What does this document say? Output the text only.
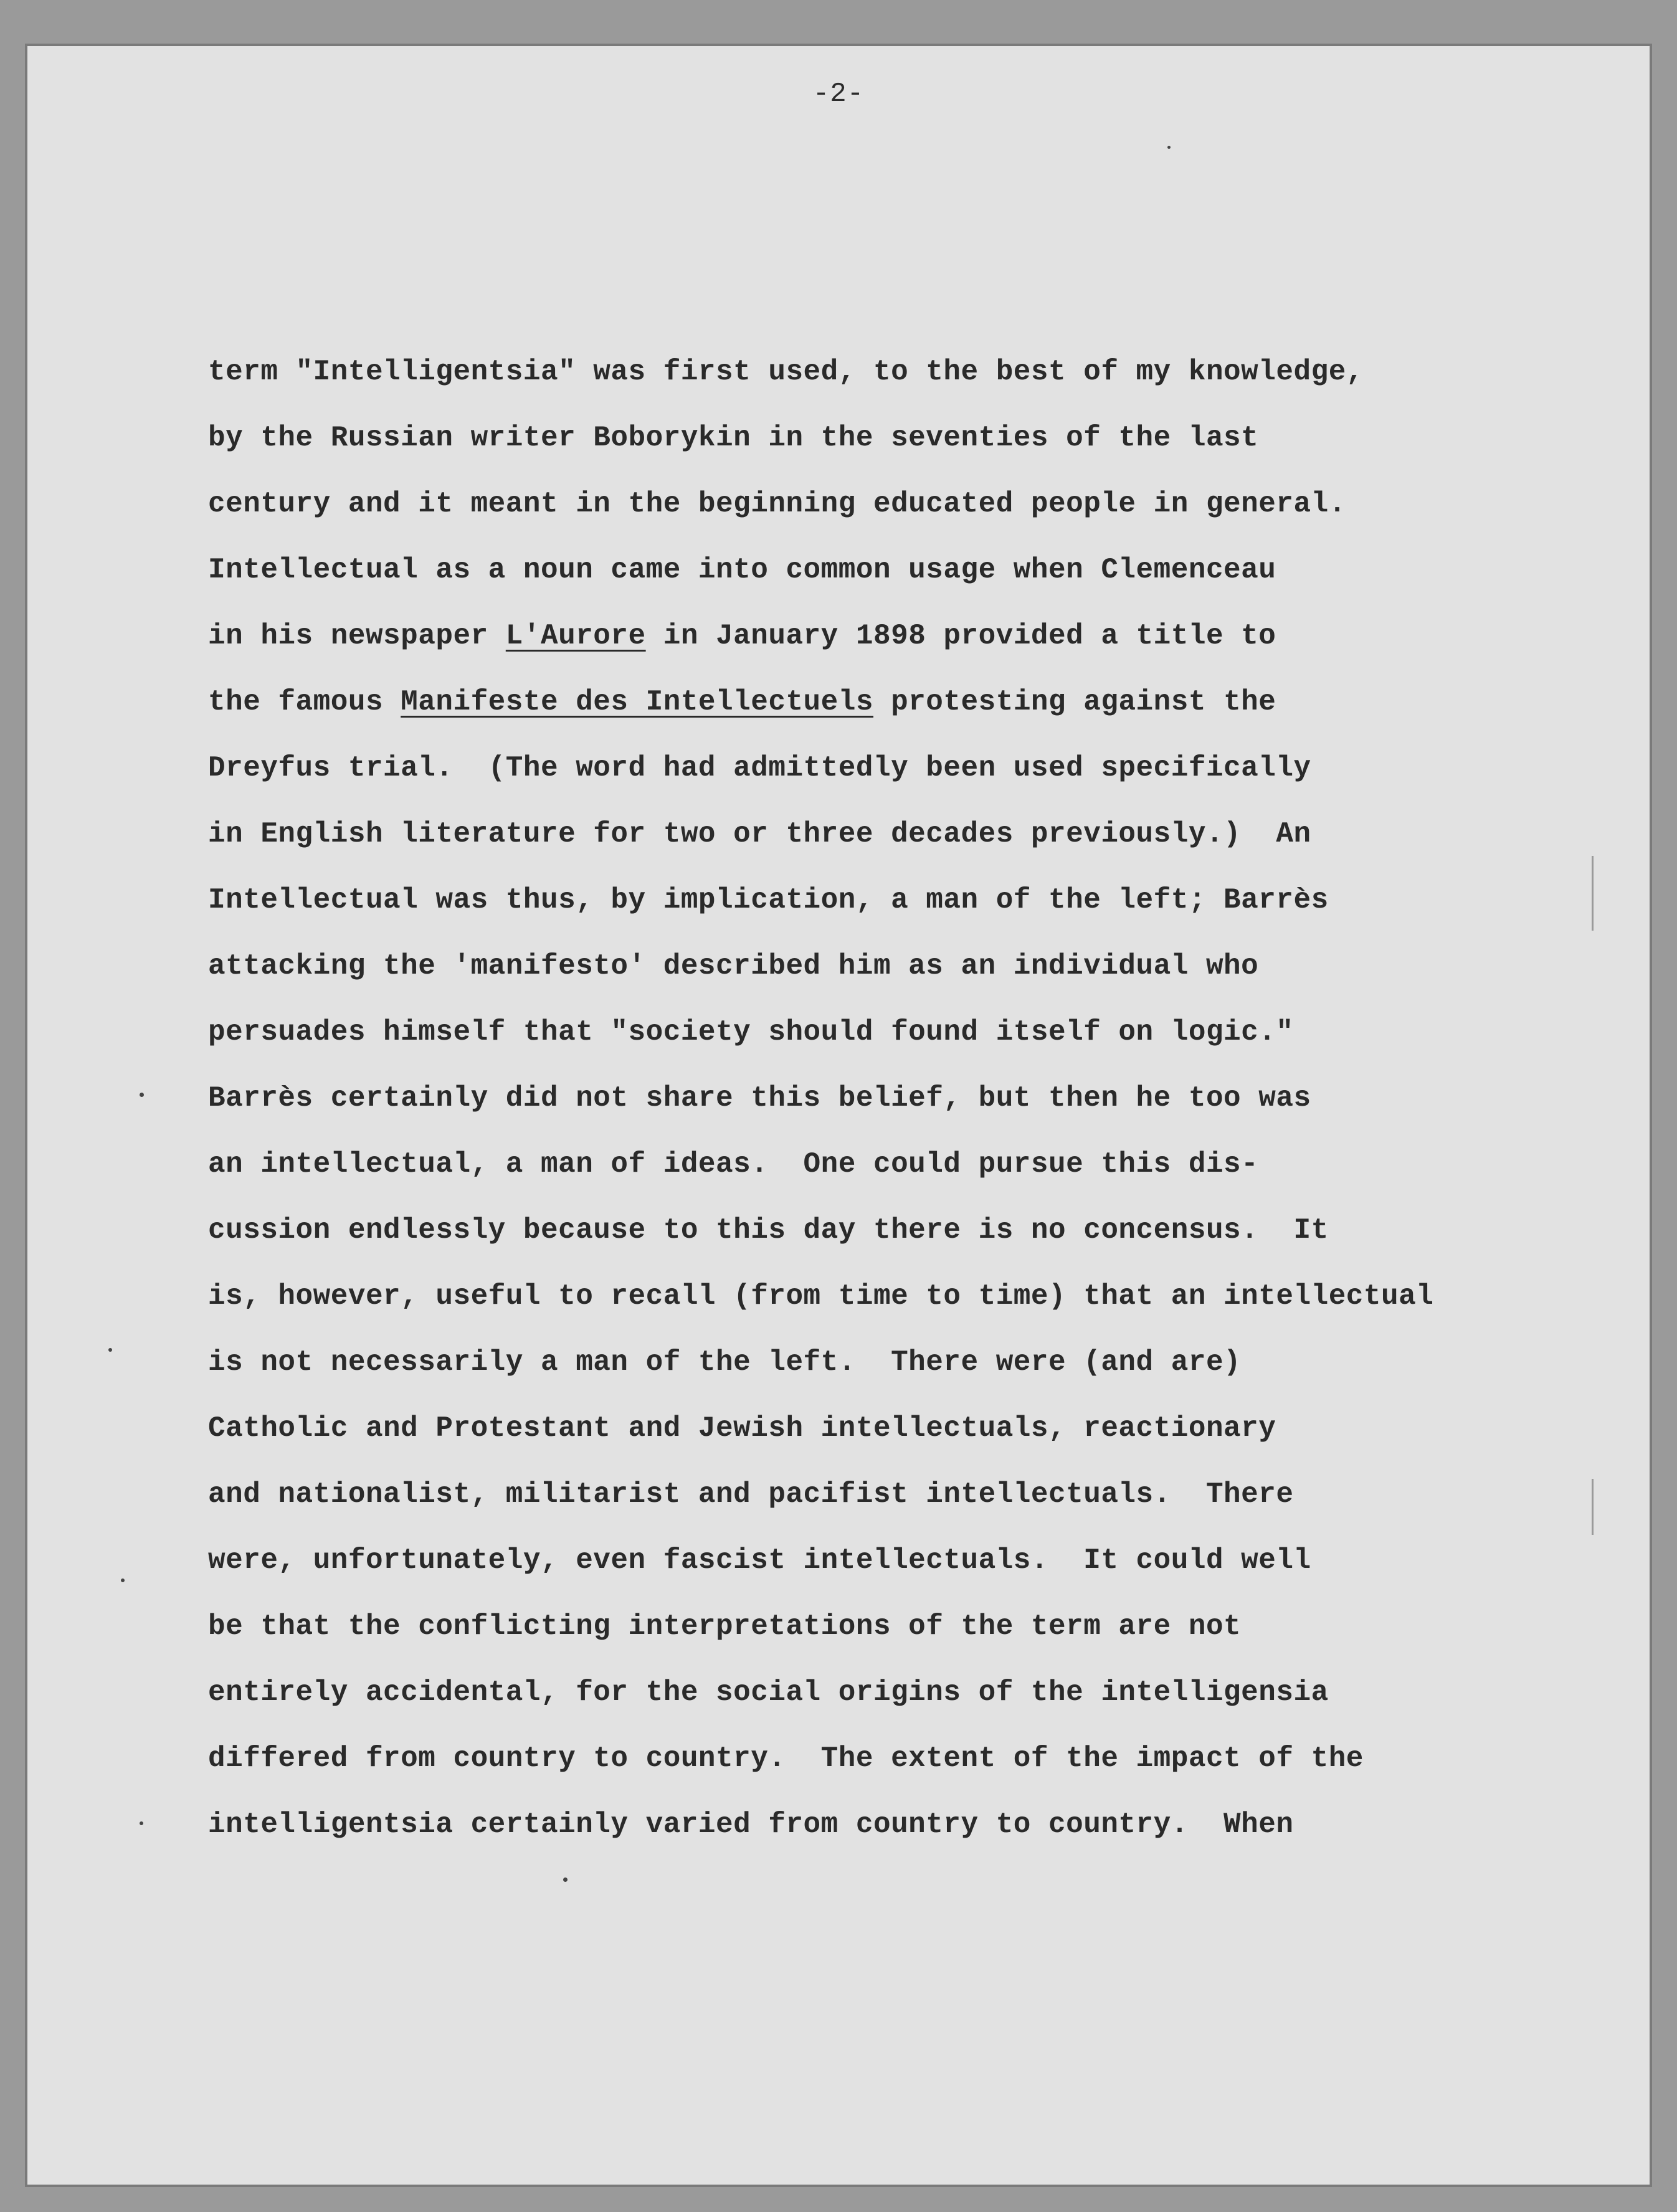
-2-
term "Intelligentsia" was first used, to the best of my knowledge,
by the Russian writer Boborykin in the seventies of the last
century and it meant in the beginning educated people in general.
Intellectual as a noun came into common usage when Clemenceau
in his newspaper L'Aurore in January 1898 provided a title to
the famous Manifeste des Intellectuels protesting against the
Dreyfus trial.  (The word had admittedly been used specifically
in English literature for two or three decades previously.)  An
Intellectual was thus, by implication, a man of the left; Barrès
attacking the 'manifesto' described him as an individual who
persuades himself that "society should found itself on logic."
Barrès certainly did not share this belief, but then he too was
an intellectual, a man of ideas.  One could pursue this dis-
cussion endlessly because to this day there is no concensus.  It
is, however, useful to recall (from time to time) that an intellectual
is not necessarily a man of the left.  There were (and are)
Catholic and Protestant and Jewish intellectuals, reactionary
and nationalist, militarist and pacifist intellectuals.  There
were, unfortunately, even fascist intellectuals.  It could well
be that the conflicting interpretations of the term are not
entirely accidental, for the social origins of the intelligensia
differed from country to country.  The extent of the impact of the
intelligentsia certainly varied from country to country.  When
